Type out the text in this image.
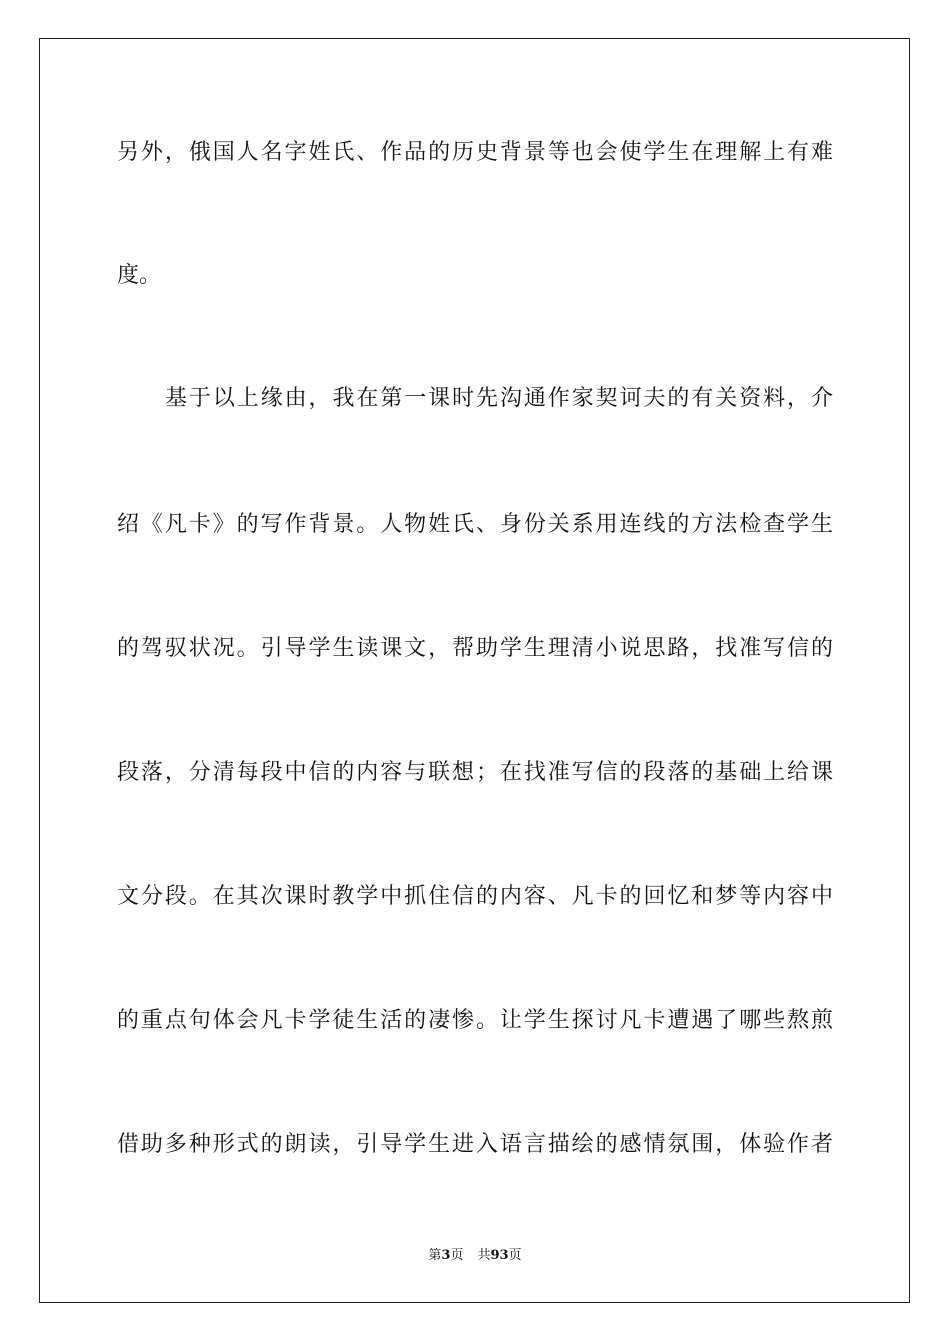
另外，俄国人名字姓氏、作品的历史背景等也会使学生在理解上有难
度。
基于以上缘由，我在第一课时先沟通作家契诃夫的有关资料，介
绍《凡卡》的写作背景。人物姓氏、身份关系用连线的方法检查学生
的驾驭状况。引导学生读课文，帮助学生理清小说思路，找准写信的
段落，分清每段中信的内容与联想；在找准写信的段落的基础上给课
文分段。在其次课时教学中抓住信的内容、凡卡的回忆和梦等内容中
的重点句体会凡卡学徒生活的凄惨。让学生探讨凡卡遭遇了哪些熬煎
借助多种形式的朗读，引导学生进入语言描绘的感情氛围，体验作者
第3页 共93页
